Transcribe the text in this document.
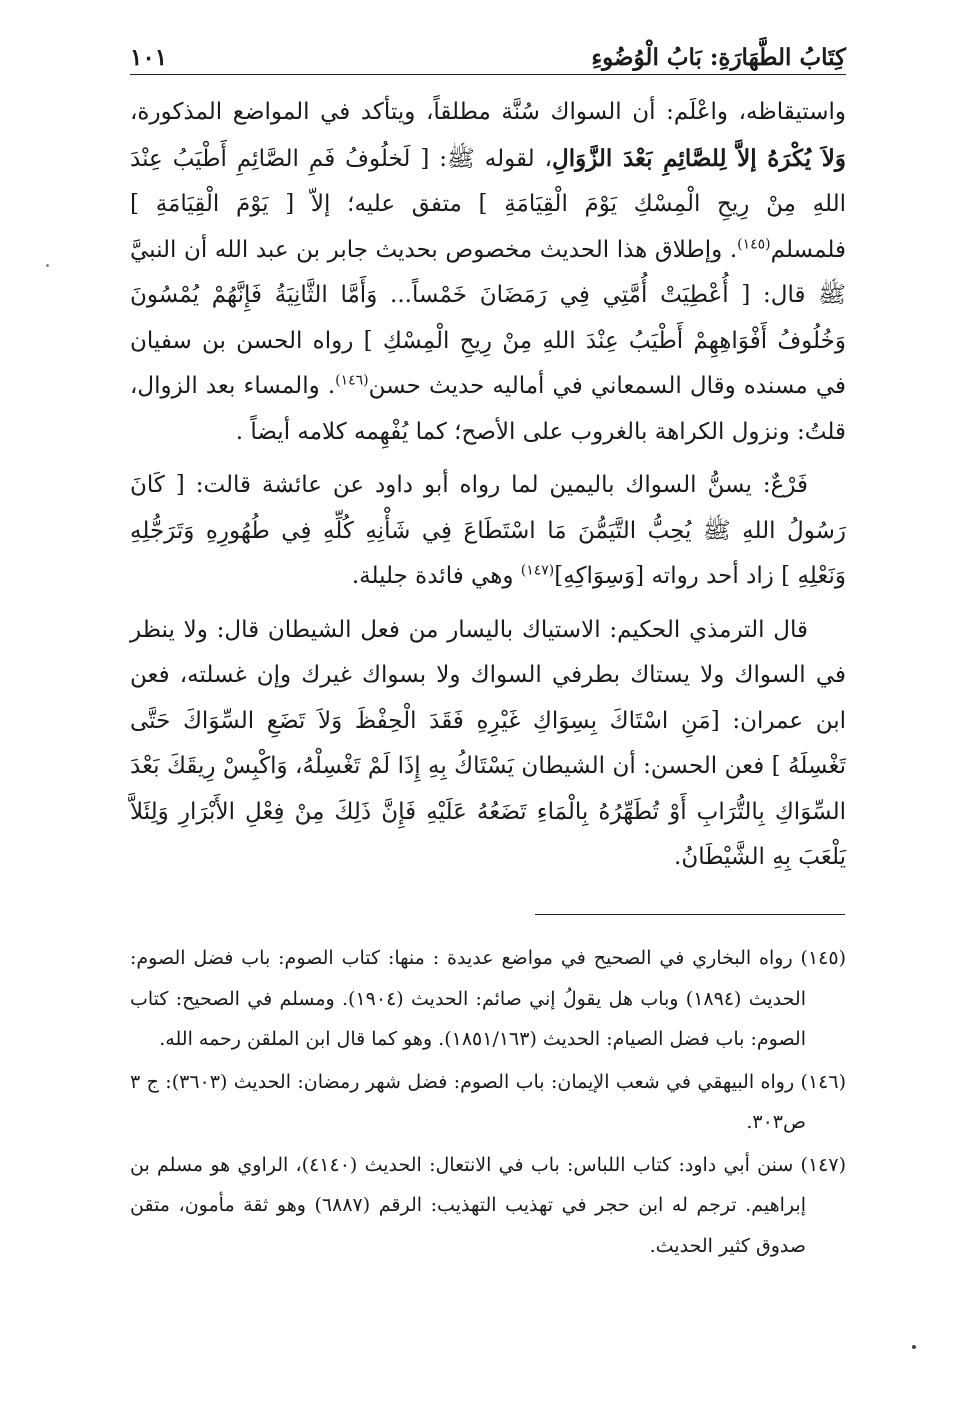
كِتَابُ الطَّهَارَةِ: بَابُ الْوُضُوءِ
١٠١

واستيقاظه، واعْلَم: أن السواك سُنَّة مطلقاً، ويتأكد في المواضع المذكورة، وَلاَ يُكْرَهُ إلاَّ لِلصَّائِمِ بَعْدَ الزَّوَالِ، لقوله ﷺ: [ لَخلُوفُ فَمِ الصَّائِمِ أَطْيَبُ عِنْدَ اللهِ مِنْ رِيحِ الْمِسْكِ يَوْمَ الْقِيَامَةِ ] متفق عليه؛ إلاّ [ يَوْمَ الْقِيَامَةِ ] فلمسلم$^{(١٤٥)}$. وإطلاق هذا الحديث مخصوص بحديث جابر بن عبد الله أن النبيَّ ﷺ قال: [ أُعْطِيَتْ أُمَّتِي فِي رَمَضَانَ خَمْساً... وَأَمَّا الثَّانِيَةُ فَإِنَّهُمْ يُمْسُونَ وَخُلُوفُ أَفْوَاهِهِمْ أَطْيَبُ عِنْدَ اللهِ مِنْ رِيحِ الْمِسْكِ ] رواه الحسن بن سفيان في مسنده وقال السمعاني في أماليه حديث حسن$^{(١٤٦)}$. والمساء بعد الزوال، قلتُ: ونزول الكراهة بالغروب على الأصح؛ كما يُفْهِمه كلامه أيضاً .

فَرْعٌ: يسنُّ السواك باليمين لما رواه أبو داود عن عائشة قالت: [ كَانَ رَسُولُ اللهِ ﷺ يُحِبُّ التَّيَمُّنَ مَا اسْتَطَاعَ فِي شَأْنِهِ كُلِّهِ فِي طُهُورِهِ وَتَرَجُّلِهِ وَنَعْلِهِ ] زاد أحد رواته [وَسِوَاكِهِ]$^{(١٤٧)}$ وهي فائدة جليلة.

قال الترمذي الحكيم: الاستياك باليسار من فعل الشيطان قال: ولا ينظر في السواك ولا يستاك بطرفي السواك ولا بسواك غيرك وإن غسلته، فعن ابن عمران: [مَنِ اسْتَاكَ بِسِوَاكِ غَيْرِهِ فَقَدَ الْحِفْظَ وَلاَ تَضَعِ السِّوَاكَ حَتَّى تَغْسِلَهُ ] فعن الحسن: أن الشيطان يَسْتَاكُ بِهِ إِذَا لَمْ تَغْسِلْهُ، وَاكْبِسْ رِيقَكَ بَعْدَ السِّوَاكِ بِالتُّرَابِ أَوْ تُطَهِّرُهُ بِالْمَاءِ تَضَعُهُ عَلَيْهِ فَإِنَّ ذَلِكَ مِنْ فِعْلِ الأَبْرَارِ وَلِئَلاَّ يَلْعَبَ بِهِ الشَّيْطَانُ.

(١٤٥) رواه البخاري في الصحيح في مواضع عديدة : منها: كتاب الصوم: باب فضل الصوم: الحديث (١٨٩٤) وباب هل يقولُ إني صائم: الحديث (١٩٠٤). ومسلم في الصحيح: كتاب الصوم: باب فضل الصيام: الحديث (١٨٥١/١٦٣). وهو كما قال ابن الملقن رحمه الله.

(١٤٦) رواه البيهقي في شعب الإيمان: باب الصوم: فضل شهر رمضان: الحديث (٣٦٠٣): ج ٣ ص٣٠٣.

(١٤٧) سنن أبي داود: كتاب اللباس: باب في الانتعال: الحديث (٤١٤٠)، الراوي هو مسلم بن إبراهيم. ترجم له ابن حجر في تهذيب التهذيب: الرقم (٦٨٨٧) وهو ثقة مأمون، متقن صدوق كثير الحديث.
